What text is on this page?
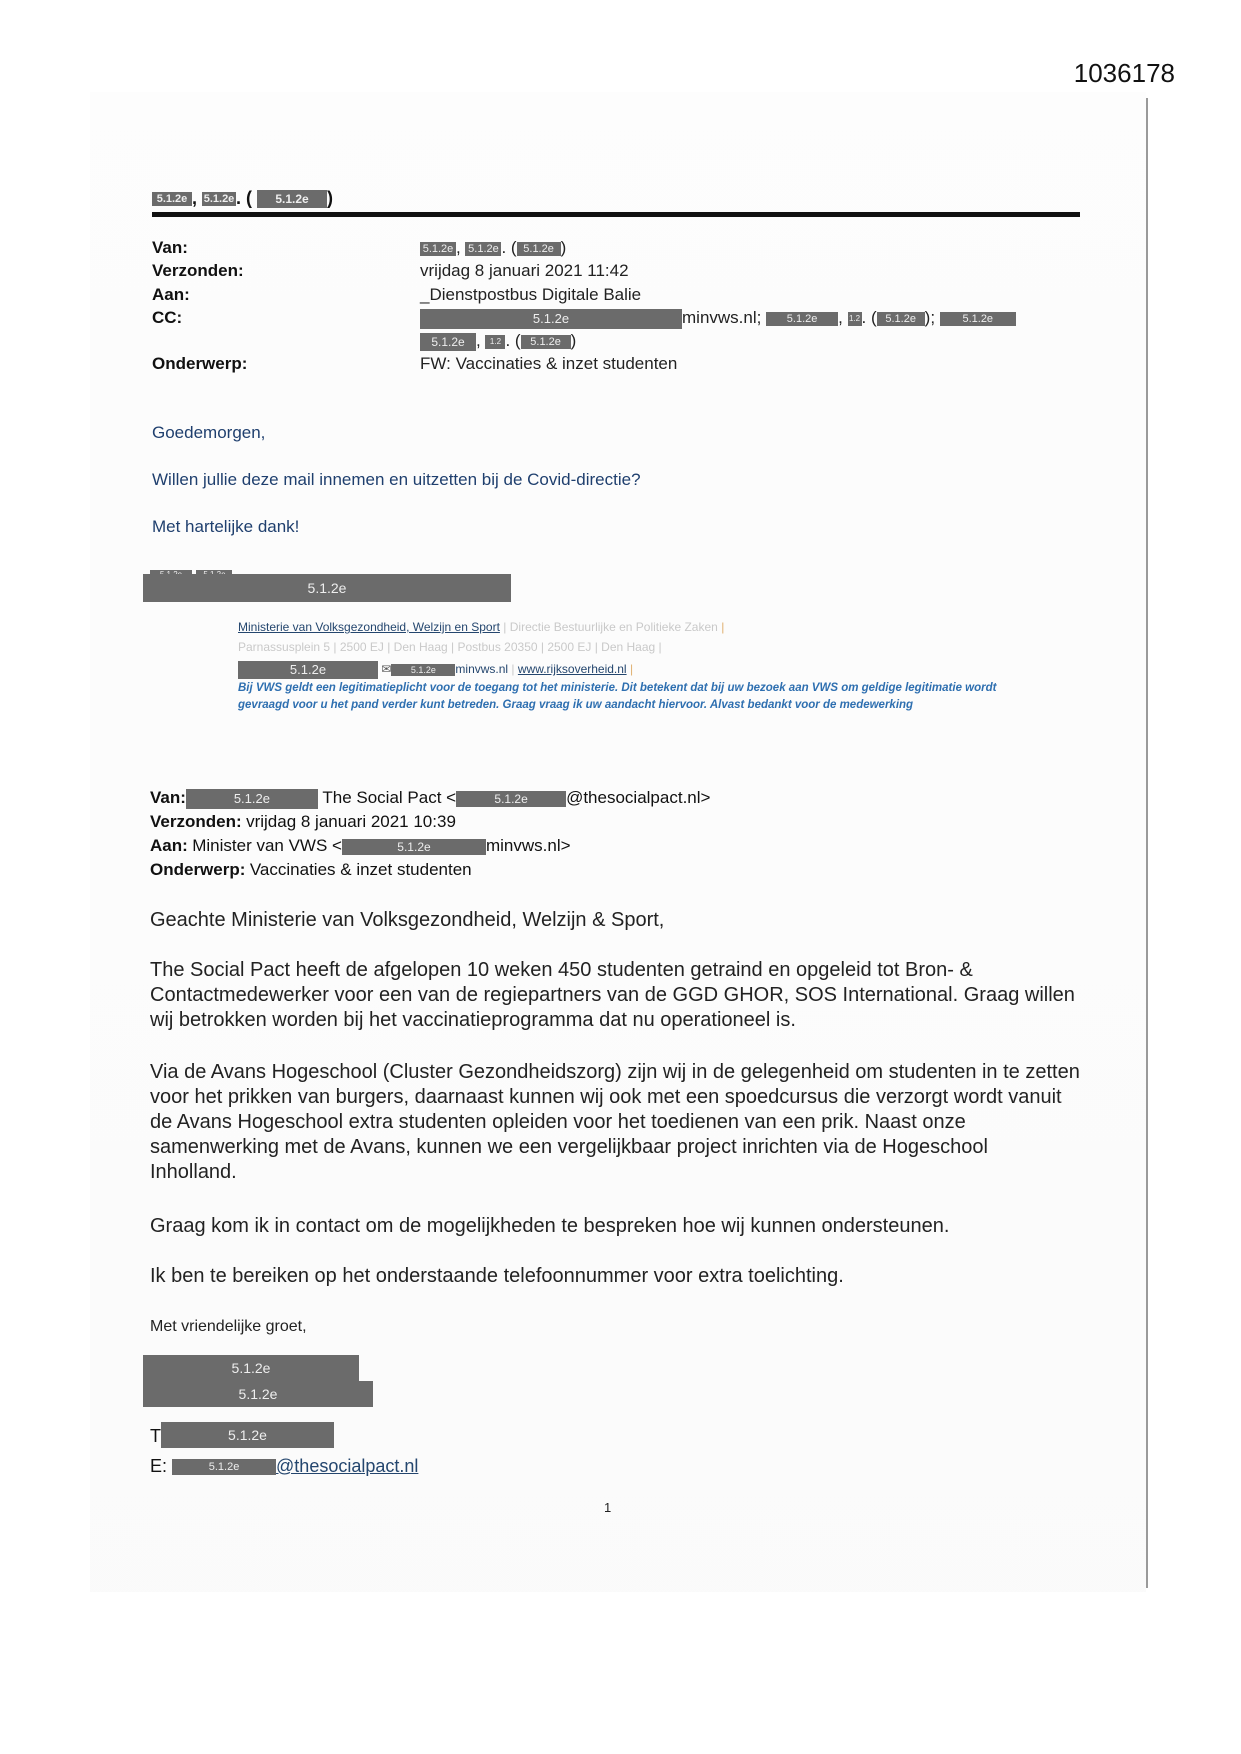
1036178
5.1.2e , 5.1.2e. ( 5.1.2e )
Van:	5.1.2e , 5.1.2e . ( 5.1.2e )
Verzonden:	vrijdag 8 januari 2021 11:42
Aan:	_Dienstpostbus Digitale Balie
CC:	5.1.2e	minvws.nl; 5.1.2e , 1.2. ( 5.1.2e ); 5.1.2e
5.1.2e , 1.2 . ( 5.1.2e )
Onderwerp:	FW: Vaccinaties & inzet studenten
Goedemorgen,
Willen jullie deze mail innemen en uitzetten bij de Covid-directie?
Met hartelijke dank!

5.1.2e
Ministerie van Volksgezondheid, Welzijn en Sport | Directie Bestuurlijke en Politieke Zaken |
Parnassusplein 5 | 2500 EJ | Den Haag | Postbus 20350 | 2500 EJ | Den Haag |
5.1.2e	✉ 5.1.2e minvws.nl | www.rijksoverheid.nl |
Bij VWS geldt een legitimatieplicht voor de toegang tot het ministerie. Dit betekent dat bij uw bezoek aan VWS om geldige legitimatie wordt
gevraagd voor u het pand verder kunt betreden. Graag vraag ik uw aandacht hiervoor. Alvast bedankt voor de medewerking
Van:	5.1.2e	The Social Pact <	5.1.2e @thesocialpact.nl>
Verzonden: vrijdag 8 januari 2021 10:39
Aan: Minister van VWS <	5.1.2e	minvws.nl>
Onderwerp: Vaccinaties & inzet studenten
Geachte Ministerie van Volksgezondheid, Welzijn & Sport,
The Social Pact heeft de afgelopen 10 weken 450 studenten getraind en opgeleid tot Bron- & Contactmedewerker voor een van de regiepartners van de GGD GHOR, SOS International. Graag willen wij betrokken worden bij het vaccinatieprogramma dat nu operationeel is.
Via de Avans Hogeschool (Cluster Gezondheidszorg) zijn wij in de gelegenheid om studenten in te zetten voor het prikken van burgers, daarnaast kunnen wij ook met een spoedcursus die verzorgt wordt vanuit de Avans Hogeschool extra studenten opleiden voor het toedienen van een prik. Naast onze samenwerking met de Avans, kunnen we een vergelijkbaar project inrichten via de Hogeschool Inholland.
Graag kom ik in contact om de mogelijkheden te bespreken hoe wij kunnen ondersteunen.
Ik ben te bereiken op het onderstaande telefoonnummer voor extra toelichting.
Met vriendelijke groet,
5.1.2e
5.1.2e
T	5.1.2e
E:	5.1.2e @thesocialpact.nl
1
